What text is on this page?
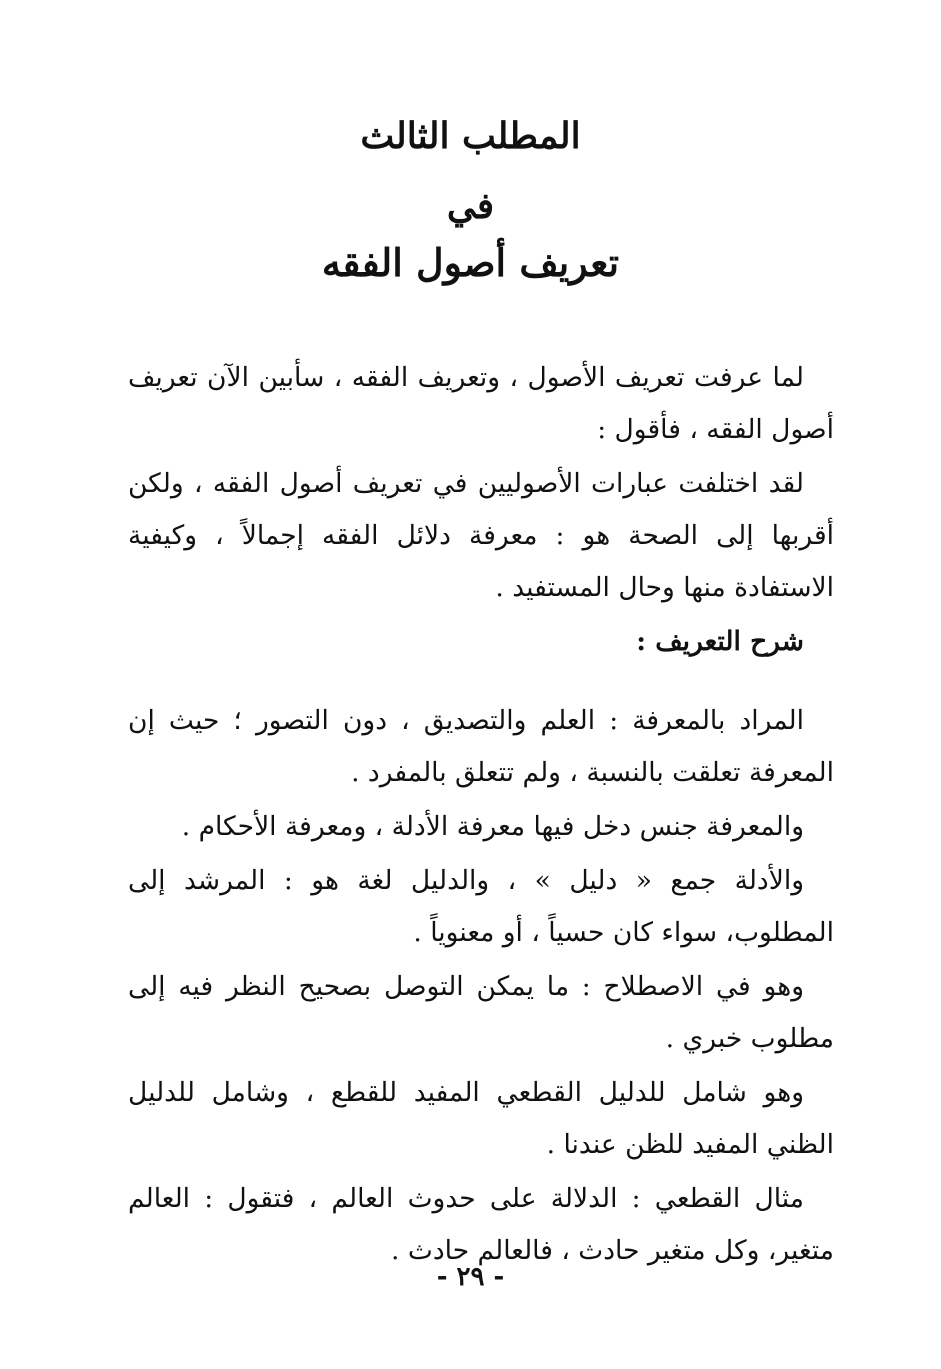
المطلب الثالث
في
تعريف أصول الفقه

لما عرفت تعريف الأصول ، وتعريف الفقه ، سأبين الآن تعريف أصول الفقه ، فأقول :

لقد اختلفت عبارات الأصوليين في تعريف أصول الفقه ، ولكن أقربها إلى الصحة هو : معرفة دلائل الفقه إجمالاً ، وكيفية الاستفادة منها وحال المستفيد .

شرح التعريف :

المراد بالمعرفة : العلم والتصديق ، دون التصور ؛ حيث إن المعرفة تعلقت بالنسبة ، ولم تتعلق بالمفرد .

والمعرفة جنس دخل فيها معرفة الأدلة ، ومعرفة الأحكام .

والأدلة جمع « دليل » ، والدليل لغة هو : المرشد إلى المطلوب، سواء كان حسياً ، أو معنوياً .

وهو في الاصطلاح : ما يمكن التوصل بصحيح النظر فيه إلى مطلوب خبري .

وهو شامل للدليل القطعي المفيد للقطع ، وشامل للدليل الظني المفيد للظن عندنا .

مثال القطعي : الدلالة على حدوث العالم ، فتقول : العالم متغير، وكل متغير حادث ، فالعالم حادث .

- ٢٩ -
